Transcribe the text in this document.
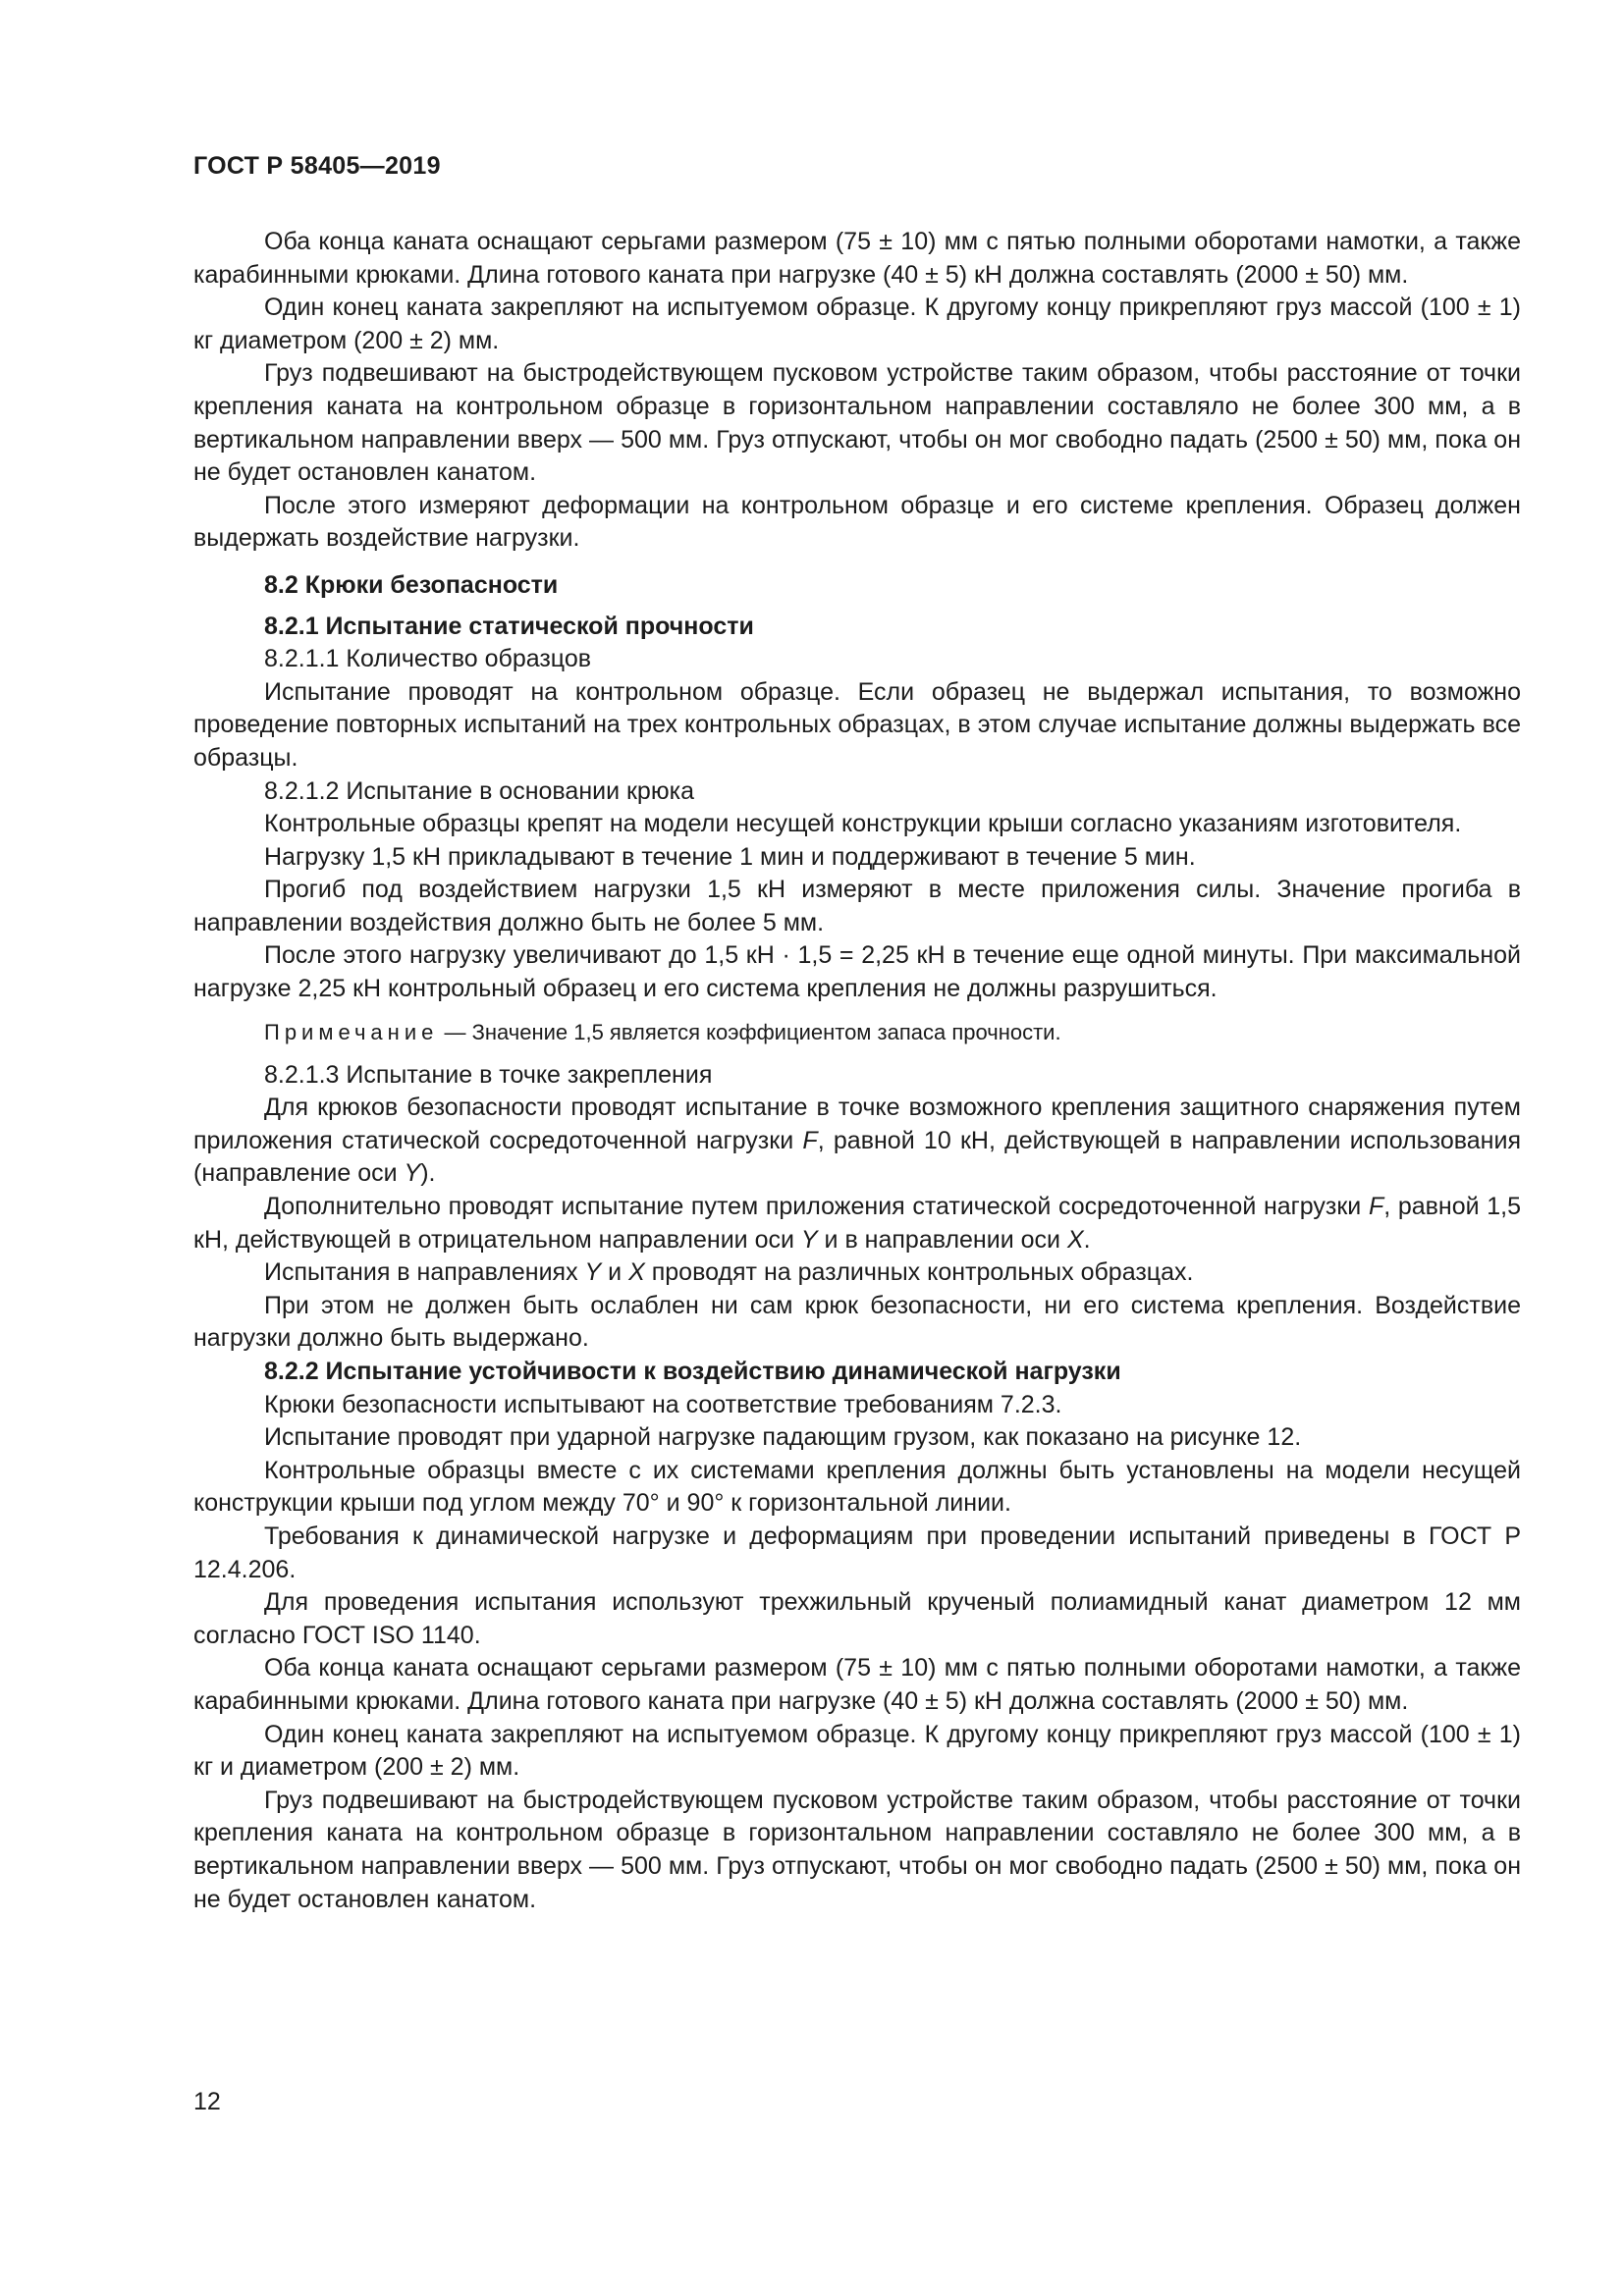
ГОСТ Р 58405—2019

Оба конца каната оснащают серьгами размером (75 ± 10) мм с пятью полными оборотами намотки, а также карабинными крюками. Длина готового каната при нагрузке (40 ± 5) кН должна составлять (2000 ± 50) мм.

Один конец каната закрепляют на испытуемом образце. К другому концу прикрепляют груз массой (100 ± 1) кг диаметром (200 ± 2) мм.

Груз подвешивают на быстродействующем пусковом устройстве таким образом, чтобы расстояние от точки крепления каната на контрольном образце в горизонтальном направлении составляло не более 300 мм, а в вертикальном направлении вверх — 500 мм. Груз отпускают, чтобы он мог свободно падать (2500 ± 50) мм, пока он не будет остановлен канатом.

После этого измеряют деформации на контрольном образце и его системе крепления. Образец должен выдержать воздействие нагрузки.

8.2 Крюки безопасности
8.2.1 Испытание статической прочности
8.2.1.1 Количество образцов

Испытание проводят на контрольном образце. Если образец не выдержал испытания, то возможно проведение повторных испытаний на трех контрольных образцах, в этом случае испытание должны выдержать все образцы.

8.2.1.2 Испытание в основании крюка

Контрольные образцы крепят на модели несущей конструкции крыши согласно указаниям изготовителя.

Нагрузку 1,5 кН прикладывают в течение 1 мин и поддерживают в течение 5 мин.

Прогиб под воздействием нагрузки 1,5 кН измеряют в месте приложения силы. Значение прогиба в направлении воздействия должно быть не более 5 мм.

После этого нагрузку увеличивают до 1,5 кН · 1,5 = 2,25 кН в течение еще одной минуты. При максимальной нагрузке 2,25 кН контрольный образец и его система крепления не должны разрушиться.

Примечание — Значение 1,5 является коэффициентом запаса прочности.
8.2.1.3 Испытание в точке закрепления

Для крюков безопасности проводят испытание в точке возможного крепления защитного снаряжения путем приложения статической сосредоточенной нагрузки F, равной 10 кН, действующей в направлении использования (направление оси Y).

Дополнительно проводят испытание путем приложения статической сосредоточенной нагрузки F, равной 1,5 кН, действующей в отрицательном направлении оси Y и в направлении оси X.

Испытания в направлениях Y и X проводят на различных контрольных образцах.

При этом не должен быть ослаблен ни сам крюк безопасности, ни его система крепления. Воздействие нагрузки должно быть выдержано.

8.2.2 Испытание устойчивости к воздействию динамической нагрузки

Крюки безопасности испытывают на соответствие требованиям 7.2.3.

Испытание проводят при ударной нагрузке падающим грузом, как показано на рисунке 12.

Контрольные образцы вместе с их системами крепления должны быть установлены на модели несущей конструкции крыши под углом между 70° и 90° к горизонтальной линии.

Требования к динамической нагрузке и деформациям при проведении испытаний приведены в ГОСТ Р 12.4.206.

Для проведения испытания используют трехжильный крученый полиамидный канат диаметром 12 мм согласно ГОСТ ISO 1140.

Оба конца каната оснащают серьгами размером (75 ± 10) мм с пятью полными оборотами намотки, а также карабинными крюками. Длина готового каната при нагрузке (40 ± 5) кН должна составлять (2000 ± 50) мм.

Один конец каната закрепляют на испытуемом образце. К другому концу прикрепляют груз массой (100 ± 1) кг и диаметром (200 ± 2) мм.

Груз подвешивают на быстродействующем пусковом устройстве таким образом, чтобы расстояние от точки крепления каната на контрольном образце в горизонтальном направлении составляло не более 300 мм, а в вертикальном направлении вверх — 500 мм. Груз отпускают, чтобы он мог свободно падать (2500 ± 50) мм, пока он не будет остановлен канатом.

12
